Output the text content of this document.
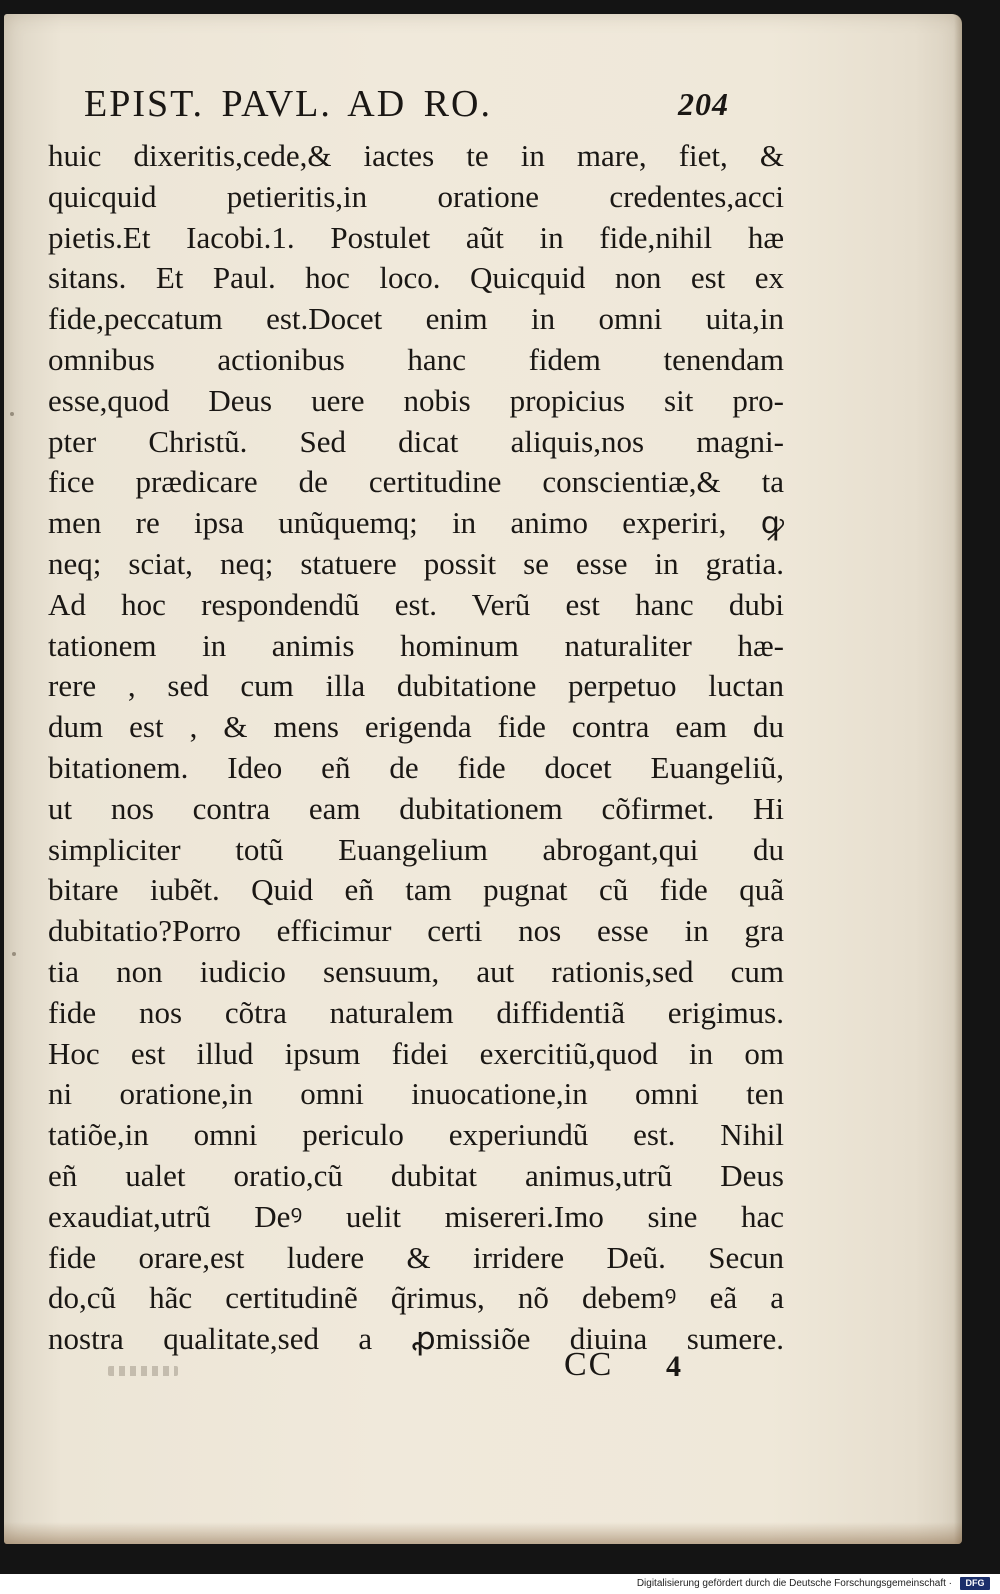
EPIST. PAVL. AD RO.	204
huic dixeritis,cede,& iactes te in mare, fiet, &
quicquid petieritis,in oratione credentes,acci
pietis.Et Iacobi.1. Postulet aũt in fide,nihil hæ
sitans. Et Paul. hoc loco. Quicquid non est ex
fide,peccatum est.Docet enim in omni uita,in
omnibus actionibus hanc fidem tenendam
esse,quod Deus uere nobis propicius sit pro-
pter Christũ. Sed dicat aliquis,nos magni-
fice prædicare de certitudine conscientiæ,& ta
men re ipsa unũquemq; in animo experiri, ꝙ
neq; sciat, neq; statuere possit se esse in gratia.
Ad hoc respondendũ est. Verũ est hanc dubi
tationem in animis hominum naturaliter hæ-
rere , sed cum illa dubitatione perpetuo luctan
dum est , & mens erigenda fide contra eam du
bitationem. Ideo eñ de fide docet Euangeliũ,
ut nos contra eam dubitationem cõfirmet. Hi
simpliciter totũ Euangelium abrogant,qui du
bitare iubẽt. Quid eñ tam pugnat cũ fide quã
dubitatio?Porro efficimur certi nos esse in gra
tia non iudicio sensuum, aut rationis,sed cum
fide nos cõtra naturalem diffidentiã erigimus.
Hoc est illud ipsum fidei exercitiũ,quod in om
ni oratione,in omni inuocatione,in omni ten
tatiõe,in omni periculo experiundũ est. Nihil
eñ ualet oratio,cũ dubitat animus,utrũ Deus
exaudiat,utrũ Deꝰ uelit misereri.Imo sine hac
fide orare,est ludere & irridere Deũ. Secun
do,cũ hãc certitudinẽ q̃rimus, nõ debemꝰ eã a
nostra qualitate,sed a ꝓmissiõe diuina sumere.
CC 4
Digitalisierung gefördert durch die Deutsche Forschungsgemeinschaft ·	DFG
